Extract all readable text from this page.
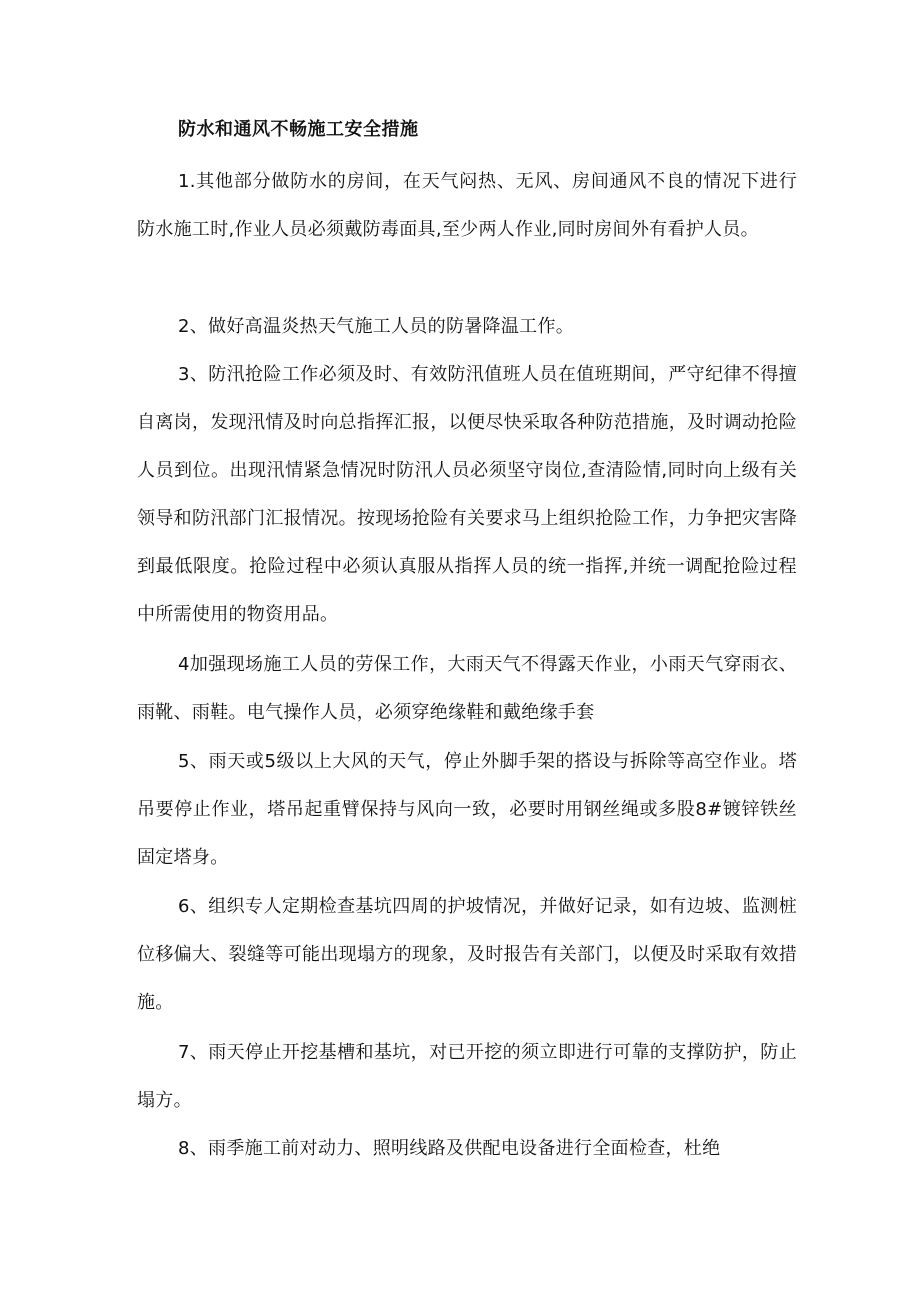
防水和通风不畅施工安全措施

1.其他部分做防水的房间，在天气闷热、无风、房间通风不良的情况下进行防水施工时,作业人员必须戴防毒面具,至少两人作业,同时房间外有看护人员。

2、做好高温炎热天气施工人员的防暑降温工作。

3、防汛抢险工作必须及时、有效防汛值班人员在值班期间，严守纪律不得擅自离岗，发现汛情及时向总指挥汇报，以便尽快采取各种防范措施，及时调动抢险人员到位。出现汛情紧急情况时防汛人员必须坚守岗位,查清险情,同时向上级有关领导和防汛部门汇报情况。按现场抢险有关要求马上组织抢险工作，力争把灾害降到最低限度。抢险过程中必须认真服从指挥人员的统一指挥,并统一调配抢险过程中所需使用的物资用品。

4加强现场施工人员的劳保工作，大雨天气不得露天作业，小雨天气穿雨衣、雨靴、雨鞋。电气操作人员，必须穿绝缘鞋和戴绝缘手套

5、雨天或5级以上大风的天气，停止外脚手架的搭设与拆除等高空作业。塔吊要停止作业，塔吊起重臂保持与风向一致，必要时用钢丝绳或多股8#镀锌铁丝固定塔身。

6、组织专人定期检查基坑四周的护坡情况，并做好记录，如有边坡、监测桩位移偏大、裂缝等可能出现塌方的现象，及时报告有关部门，以便及时采取有效措施。

7、雨天停止开挖基槽和基坑，对已开挖的须立即进行可靠的支撑防护，防止塌方。

8、雨季施工前对动力、照明线路及供配电设备进行全面检查，杜绝
